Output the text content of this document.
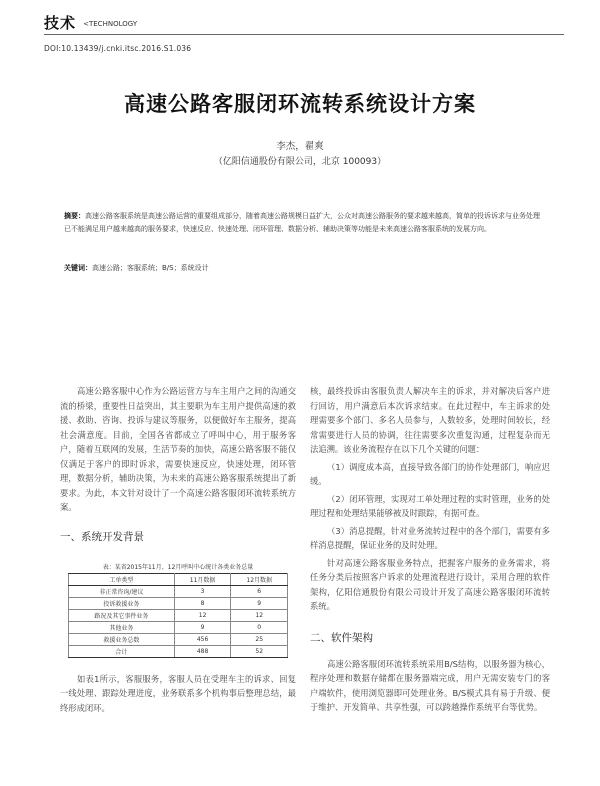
技术 <TECHNOLOGY
DOI:10.13439/j.cnki.itsc.2016.S1.036
高速公路客服闭环流转系统设计方案
李杰，翟爽
（亿阳信通股份有限公司，北京 100093）
摘要：高速公路客服系统是高速公路运营的重要组成部分，随着高速公路规模日益扩大，公众对高速公路服务的要求越来越高，简单的投诉诉求与业务处理已不能满足用户越来越高的服务要求，快速反应、快速处理、闭环管理、数据分析、辅助决策等功能是未来高速公路客服系统的发展方向。
关键词：高速公路；客服系统；B/S；系统设计

高速公路客服中心作为公路运营方与车主用户之间的沟通交流的桥梁，重要性日益突出，其主要职为车主用户提供高速的救援、救助、咨询、投诉与建议等服务，以便做好车主服务，提高社会满意度。目前，全国各省都成立了呼叫中心，用于服务客户，随着互联网的发展，生活节奏的加快，高速公路客服不能仅仅满足于客户的即时诉求，需要快速反应，快速处理，闭环管理，数据分析，辅助决策，为未来的高速公路客服系统提出了新要求。为此，本文针对设计了一个高速公路客服闭环流转系统方案。

一、系统开发背景

表：某省2015年11月、12月呼叫中心统计各类业务总量
工单类型	11月数据	12月数据
非正常咨询/建议	3	6
投诉救援业务	8	9
路况及其它事件业务	12	12
其他业务	9	0
救援业务总数	456	25
合计	488	52

如表1所示，客服服务，客服人员在受理车主的诉求、回复一线处理、跟踪处理进度，业务联系多个机构事后整理总结，最终形成闭环。

核，最终投诉由客服负责人解决车主的诉求，并对解决后客户进行回访，用户满意后本次诉求结束。在此过程中，车主诉求的处理需要多个部门、多名人员参与，人数较多，处理时间较长，经常需要进行人员的协调，往往需要多次重复沟通，过程复杂而无法追溯。该业务流程存在以下几个关键的问题：

（1）调度成本高，直接导致各部门的协作处理部门，响应迟缓。

（2）闭环管理，实现对工单处理过程的实时管理，业务的处理过程和处理结果能够被及时跟踪，有据可查。

（3）消息提醒，针对业务流转过程中的各个部门，需要有多样消息提醒，保证业务的及时处理。

针对高速公路客服业务特点，把握客户服务的业务需求，将任务分类后按照客户诉求的处理流程进行设计，采用合理的软件架构，亿阳信通股份有限公司设计开发了高速公路客服闭环流转系统。

二、软件架构

高速公路客服闭环流转系统采用B/S结构，以服务器为核心，程序处理和数据存储都在服务器端完成，用户无需安装专门的客户端软件，使用浏览器即可处理业务。B/S模式具有易于升级、便于维护、开发简单、共享性强，可以跨越操作系统平台等优势。
